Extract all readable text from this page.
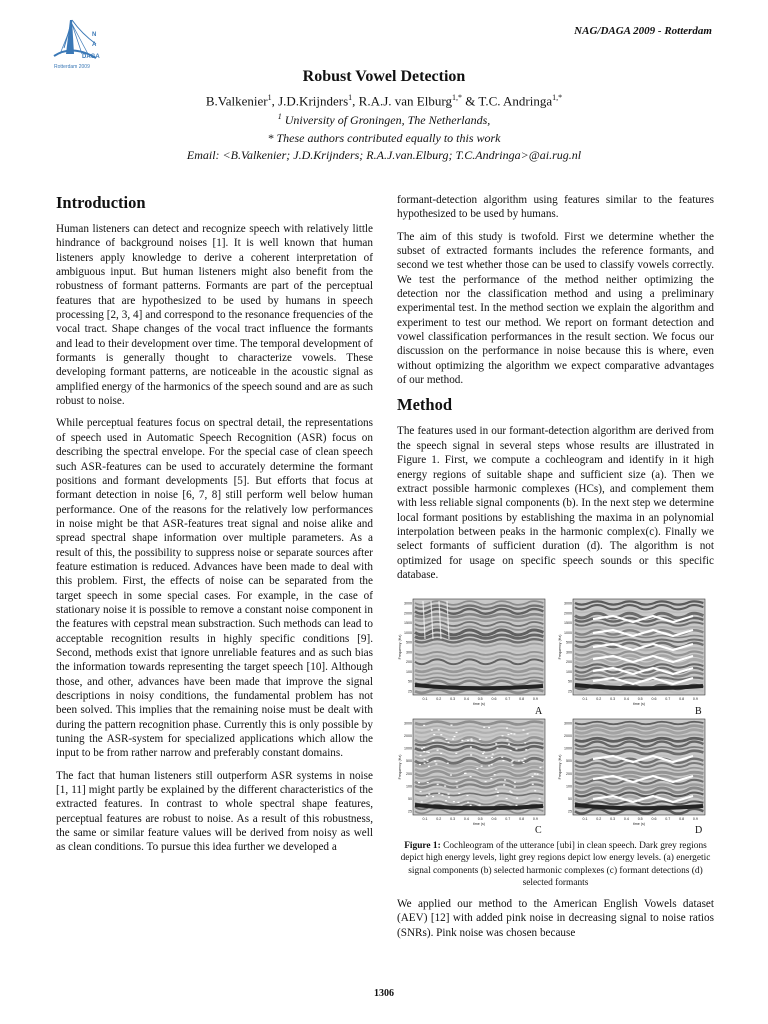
N
A
DAGA
Rotterdam 2009
NAG/DAGA 2009 - Rotterdam
Robust Vowel Detection
B.Valkenier$^1$, J.D.Krijnders$^1$, R.A.J. van Elburg$^{1,*}$ & T.C. Andringa$^{1,*}$
$^1$ University of Groningen, The Netherlands,
* These authors contributed equally to this work
Email: <B.Valkenier; J.D.Krijnders; R.A.J.van.Elburg; T.C.Andringa>@ai.rug.nl
Introduction

Human listeners can detect and recognize speech with relatively little hindrance of background noises [1]. It is well known that human listeners apply knowledge to derive a coherent interpretation of ambiguous input. But human listeners might also benefit from the robustness of formant patterns. Formants are part of the perceptual features that are hypothesized to be used by humans in speech processing [2, 3, 4] and correspond to the resonance frequencies of the vocal tract. Shape changes of the vocal tract influence the formants and lead to their development over time. The temporal development of formants is generally thought to characterize vowels. These developing formant patterns, are noticeable in the acoustic signal as amplified energy of the harmonics of the speech sound and are as such robust to noise.

While perceptual features focus on spectral detail, the representations of speech used in Automatic Speech Recognition (ASR) focus on describing the spectral envelope. For the special case of clean speech such ASR-features can be used to accurately determine the formant positions and formant developments [5]. But efforts that focus at formant detection in noise [6, 7, 8] still perform well below human performance. One of the reasons for the relatively low performances in noise might be that ASR-features treat signal and noise alike and spread spectral shape information over multiple parameters. As a result of this, the possibility to suppress noise or separate sources after feature estimation is reduced. Advances have been made to deal with this problem. First, the effects of noise can be separated from the target speech in some special cases. For example, in the case of stationary noise it is possible to remove a constant noise component in the features with cepstral mean substraction. Such methods can lead to acceptable recognition results in highly specific conditions [9]. Second, methods exist that ignore unreliable features and as such bias the information towards representing the target speech [10]. Although those, and other, advances have been made that improve the signal descriptions in noisy conditions, the fundamental problem has not been solved. This implies that the remaining noise must be dealt with during the pattern recognition phase. Currently this is only possible by tuning the ASR-system for specialized applications which allow the input to be from rather narrow and preferably constant domains.

The fact that human listeners still outperform ASR systems in noise [1, 11] might partly be explained by the different characteristics of the extracted features. In contrast to whole spectral shape features, perceptual features are robust to noise. As a result of this robustness, the same or similar feature values will be derived from noisy as well as clean conditions. To pursue this idea further we developed a

formant-detection algorithm using features similar to the features hypothesized to be used by humans.

The aim of this study is twofold. First we determine whether the subset of extracted formants includes the reference formants, and second we test whether those can be used to classify vowels correctly. We test the performance of the method neither optimizing the detection nor the classification method and using a preliminary experimental test. In the method section we explain the algorithm and experiment to test our method. We report on formant detection and vowel classification performances in the result section. We focus our discussion on the performance in noise because this is where, even without optimizing the algorithm we expect comparative advantages of our method.

Method

The features used in our formant-detection algorithm are derived from the speech signal in several steps whose results are illustrated in Figure 1. First, we compute a cochleogram and identify in it high energy regions of suitable shape and sufficient size (a). Then we extract possible harmonic complexes (HCs), and complement them with less reliable signal components (b). In the next step we determine local formant positions by establishing the maxima in an polynomial interpolation between peaks in the harmonic complex(c). Finally we select formants of sufficient duration (d). The algorithm is not optimized for usage on specific speech sounds or this specific database.

3000
2000
1500
1000
500
300
200
100
50
25
0.1 0.2 0.3 0.4 0.5 0.6 0.7 0.8 0.9
time (s)
Frequency (Hz)
3000
2000
1500
1000
500
300
200
100
50
25
0.1 0.2 0.3 0.4 0.5 0.6 0.7 0.8 0.9
time (s)
Frequency (Hz)
3000
2000
1000
500
200
100
50
25
0.1 0.2 0.3 0.4 0.5 0.6 0.7 0.8 0.9
time (s)
Frequency (Hz)
3000
2000
1000
500
200
100
50
25
0.1 0.2 0.3 0.4 0.5 0.6 0.7 0.8 0.9
time (s)
Frequency (Hz)
A	B
C	D
Figure 1: Cochleogram of the utterance [ubi] in clean speech. Dark grey regions depict high energy levels, light grey regions depict low energy levels. (a) energetic signal components (b) selected harmonic complexes (c) formant detections (d) selected formants

We applied our method to the American English Vowels dataset (AEV) [12] with added pink noise in decreasing signal to noise ratios (SNRs). Pink noise was chosen because

1306
